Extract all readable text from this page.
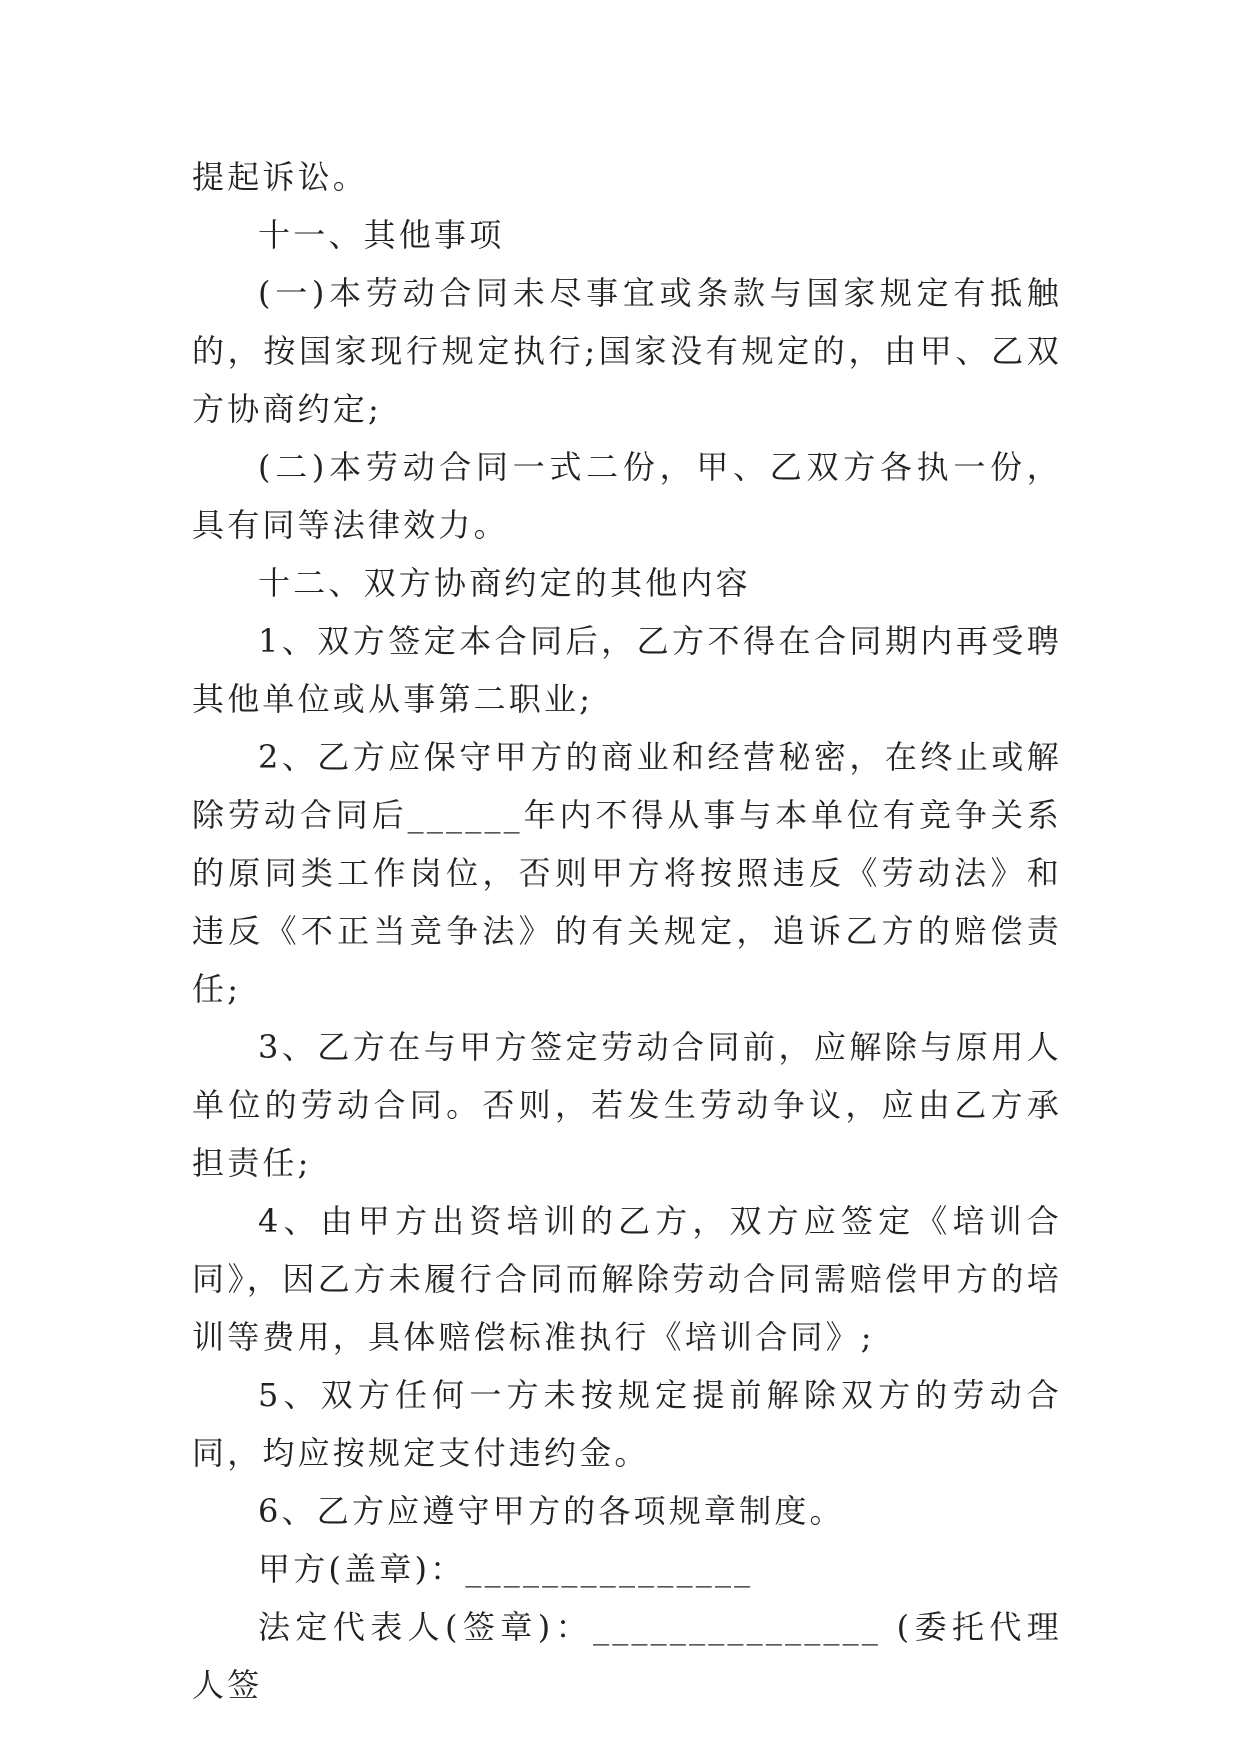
提起诉讼。

十一、其他事项

(一)本劳动合同未尽事宜或条款与国家规定有抵触的，按国家现行规定执行;国家没有规定的，由甲、乙双方协商约定;

(二)本劳动合同一式二份，甲、乙双方各执一份，具有同等法律效力。

十二、双方协商约定的其他内容

1、双方签定本合同后，乙方不得在合同期内再受聘其他单位或从事第二职业;

2、乙方应保守甲方的商业和经营秘密，在终止或解除劳动合同后______年内不得从事与本单位有竞争关系的原同类工作岗位，否则甲方将按照违反《劳动法》和违反《不正当竞争法》的有关规定，追诉乙方的赔偿责任;

3、乙方在与甲方签定劳动合同前，应解除与原用人单位的劳动合同。否则，若发生劳动争议，应由乙方承担责任;

4、由甲方出资培训的乙方，双方应签定《培训合同》，因乙方未履行合同而解除劳动合同需赔偿甲方的培训等费用，具体赔偿标准执行《培训合同》;

5、双方任何一方未按规定提前解除双方的劳动合同，均应按规定支付违约金。

6、乙方应遵守甲方的各项规章制度。

甲方(盖章)：_______________

法定代表人(签章)：_______________ (委托代理人签
